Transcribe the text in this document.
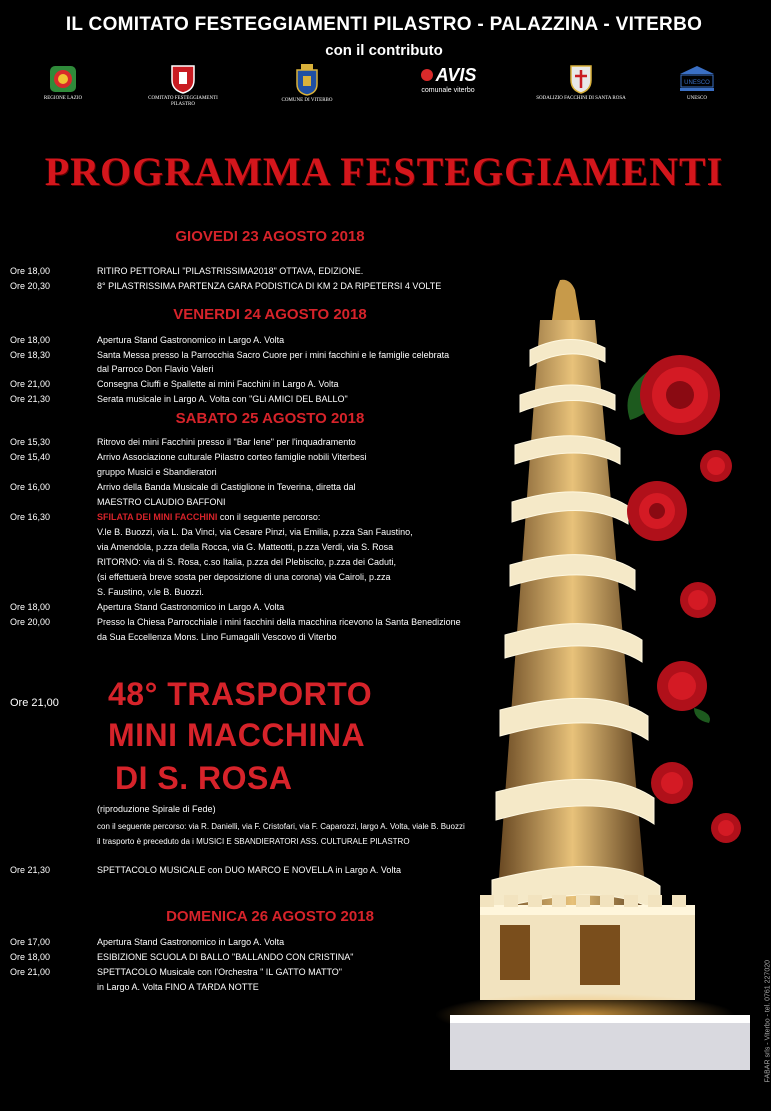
IL COMITATO FESTEGGIAMENTI PILASTRO - PALAZZINA - VITERBO
con il contributo
REGIONE LAZIO	COMITATO FESTEGGIAMENTI PILASTRO
COMUNE DI VITERBO
AVIS
comunale viterbo
SODALIZIO FACCHINI DI SANTA ROSA
UNESCO
UNESCO
PROGRAMMA FESTEGGIAMENTI
GIOVEDI 23 AGOSTO 2018
Ore 18,00	RITIRO PETTORALI "PILASTRISSIMA2018" OTTAVA, EDIZIONE.
Ore 20,30	8° PILASTRISSIMA PARTENZA GARA PODISTICA DI KM 2 DA RIPETERSI 4 VOLTE
VENERDI 24 AGOSTO 2018
Ore 18,00	Apertura Stand Gastronomico in Largo A. Volta
Ore 18,30	Santa Messa presso la Parrocchia Sacro Cuore per i mini facchini e le famiglie celebrata
dal Parroco Don Flavio Valeri
Ore 21,00	Consegna Ciuffi e Spallette ai mini Facchini in Largo A. Volta
Ore 21,30	Serata musicale in Largo A. Volta con "GLi AMICI DEL BALLO"
SABATO 25 AGOSTO 2018
Ore 15,30	Ritrovo dei mini Facchini presso il "Bar Iene" per l'inquadramento
Ore 15,40	Arrivo Associazione culturale Pilastro corteo famiglie nobili Viterbesi
gruppo Musici e Sbandieratori
Ore 16,00	Arrivo della Banda Musicale di Castiglione in Teverina, diretta dal
MAESTRO CLAUDIO BAFFONI
Ore 16,30	SFILATA DEI MINI FACCHINI con il seguente percorso:
V.le B. Buozzi, via L. Da Vinci, via Cesare Pinzi, via Emilia, p.zza San Faustino,
via Amendola, p.zza della Rocca, via G. Matteotti, p.zza Verdi, via S. Rosa
RITORNO: via di S. Rosa, c.so Italia, p.zza del Plebiscito, p.zza dei Caduti,
(si effettuerà breve sosta per deposizione di una corona) via Cairoli, p.zza
S. Faustino, v.le B. Buozzi.
Ore 18,00	Apertura Stand Gastronomico in Largo A. Volta
Ore 20,00	Presso la Chiesa Parrocchiale i mini facchini della macchina ricevono la Santa Benedizione
da Sua Eccellenza Mons. Lino Fumagalli Vescovo di Viterbo
Ore 21,00	48° TRASPORTO
MINI MACCHINA
DI S. ROSA
(riproduzione Spirale di Fede)
con il seguente percorso: via R. Danielli, via F. Cristofari, via F. Caparozzi, largo A. Volta, viale B. Buozzi
il trasporto è preceduto da i MUSICI E SBANDIERATORI ASS. CULTURALE PILASTRO
Ore 21,30	SPETTACOLO MUSICALE con DUO MARCO E NOVELLA in Largo A. Volta
DOMENICA 26 AGOSTO 2018
Ore 17,00	Apertura Stand Gastronomico in Largo A. Volta
Ore 18,00	ESIBIZIONE SCUOLA DI BALLO "BALLANDO CON CRISTINA"
Ore 21,00	SPETTACOLO Musicale con l'Orchestra " IL GATTO MATTO"
in Largo A. Volta FINO A TARDA NOTTE	FABAR srls - Viterbo - tel. 0761 227020
